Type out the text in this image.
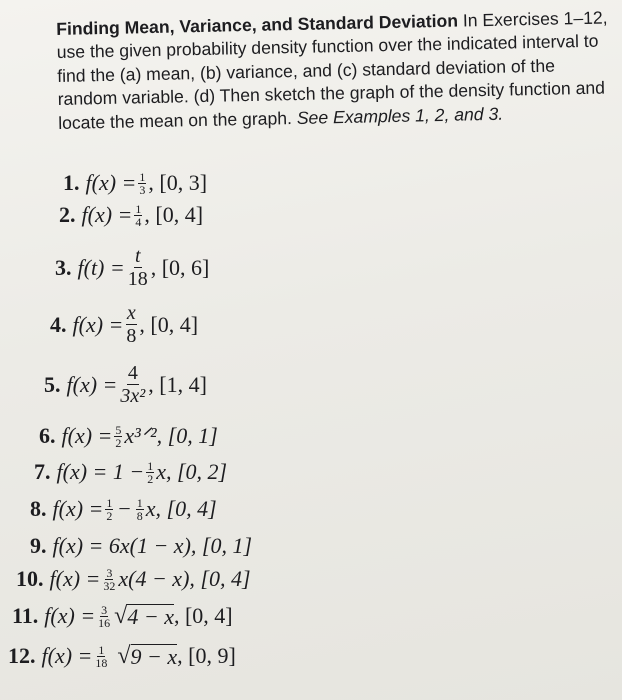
Finding Mean, Variance, and Standard Deviation In Exercises 1–12, use the given probability density function over the indicated interval to find the (a) mean, (b) variance, and (c) standard deviation of the random variable. (d) Then sketch the graph of the density function and locate the mean on the graph. See Examples 1, 2, and 3.
1. $f(x) = \frac{1}{3}$ , [0, 3]
2. $f(x) = \frac{1}{4}$ , [0, 4]
3. $f(t) = \frac{t}{18}$ , [0, 6]
4. $f(x) = \frac{x}{8}$ , [0, 4]
5. $f(x) = \frac{4}{\text{3x²}}$ , [1, 4]
6. $f(x) = \frac{5}{2}$ x³ᐟ², [0, 1]
7. $f(x) = 1 - \frac{1}{2} x$, [0, 2]
8. $f(x) = \frac{1}{2} - \frac{1}{8} x$, [0, 4]
9. f(x) = 6x(1 − x), [0, 1]
10. $f(x) = \frac{3}{32} x(4 - x)$, [0, 4]
11. $f(x) = \frac{3}{16}$ √ 4 − x , [0, 4]
12. $f(x) = \frac{1}{18}$ √ 9 − x , [0, 9]
